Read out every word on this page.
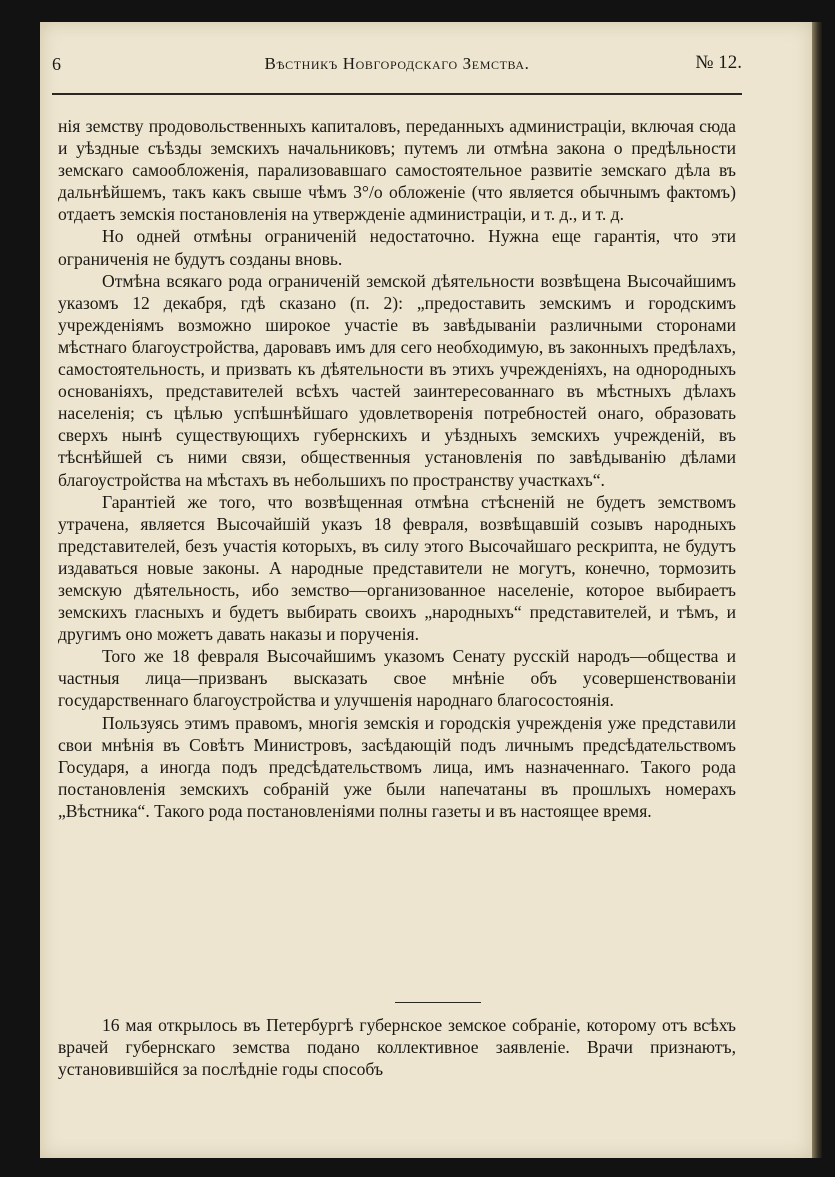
6	Вѣстникъ Новгородскаго Земства.	№ 12.

нія земству продовольственныхъ капиталовъ, переданныхъ администраціи, включая сюда и уѣздные съѣзды земскихъ начальниковъ; путемъ ли отмѣна закона о предѣльности земскаго самообложенія, парализовавшаго самостоятельное развитіе земскаго дѣла въ дальнѣйшемъ, такъ какъ свыше чѣмъ 3°/о обложеніе (что является обычнымъ фактомъ) отдаетъ земскія постановленія на утвержденіе администраціи, и т. д., и т. д.

Но одней отмѣны ограниченій недостаточно. Нужна еще гарантія, что эти ограниченія не будутъ созданы вновь.

Отмѣна всякаго рода ограниченій земской дѣятельности возвѣщена Высочайшимъ указомъ 12 декабря, гдѣ сказано (п. 2): „предоставить земскимъ и городскимъ учрежденіямъ возможно широкое участіе въ завѣдываніи различными сторонами мѣстнаго благоустройства, даровавъ имъ для сего необходимую, въ законныхъ предѣлахъ, самостоятельность, и призвать къ дѣятельности въ этихъ учрежденіяхъ, на однородныхъ основаніяхъ, представителей всѣхъ частей заинтересованнаго въ мѣстныхъ дѣлахъ населенія; съ цѣлью успѣшнѣйшаго удовлетворенія потребностей онаго, образовать сверхъ нынѣ существующихъ губернскихъ и уѣздныхъ земскихъ учрежденій, въ тѣснѣйшей съ ними связи, общественныя установленія по завѣдыванію дѣлами благоустройства на мѣстахъ въ небольшихъ по пространству участкахъ“.

Гарантіей же того, что возвѣщенная отмѣна стѣсненій не будетъ земствомъ утрачена, является Высочайшій указъ 18 февраля, возвѣщавшій созывъ народныхъ представителей, безъ участія которыхъ, въ силу этого Высочайшаго рескрипта, не будутъ издаваться новые законы. А народные представители не могутъ, конечно, тормозить земскую дѣятельность, ибо земство—организованное населеніе, которое выбираетъ земскихъ гласныхъ и будетъ выбирать своихъ „народныхъ“ представителей, и тѣмъ, и другимъ оно можетъ давать наказы и порученія.

Того же 18 февраля Высочайшимъ указомъ Сенату русскій народъ—общества и частныя лица—призванъ высказать свое мнѣніе объ усовершенствованіи государственнаго благоустройства и улучшенія народнаго благосостоянія.

Пользуясь этимъ правомъ, многія земскія и городскія учрежденія уже представили свои мнѣнія въ Совѣтъ Министровъ, засѣдающій подъ личнымъ предсѣдательствомъ Государя, а иногда подъ предсѣдательствомъ лица, имъ назначеннаго. Такого рода постановленія земскихъ собраній уже были напечатаны въ прошлыхъ номерахъ „Вѣстника“. Такого рода постановленіями полны газеты и въ настоящее время.

16 мая открылось въ Петербургѣ губернское земское собраніе, которому отъ всѣхъ врачей губернскаго земства подано коллективное заявленіе. Врачи признаютъ, установившійся за послѣдніе годы способъ
